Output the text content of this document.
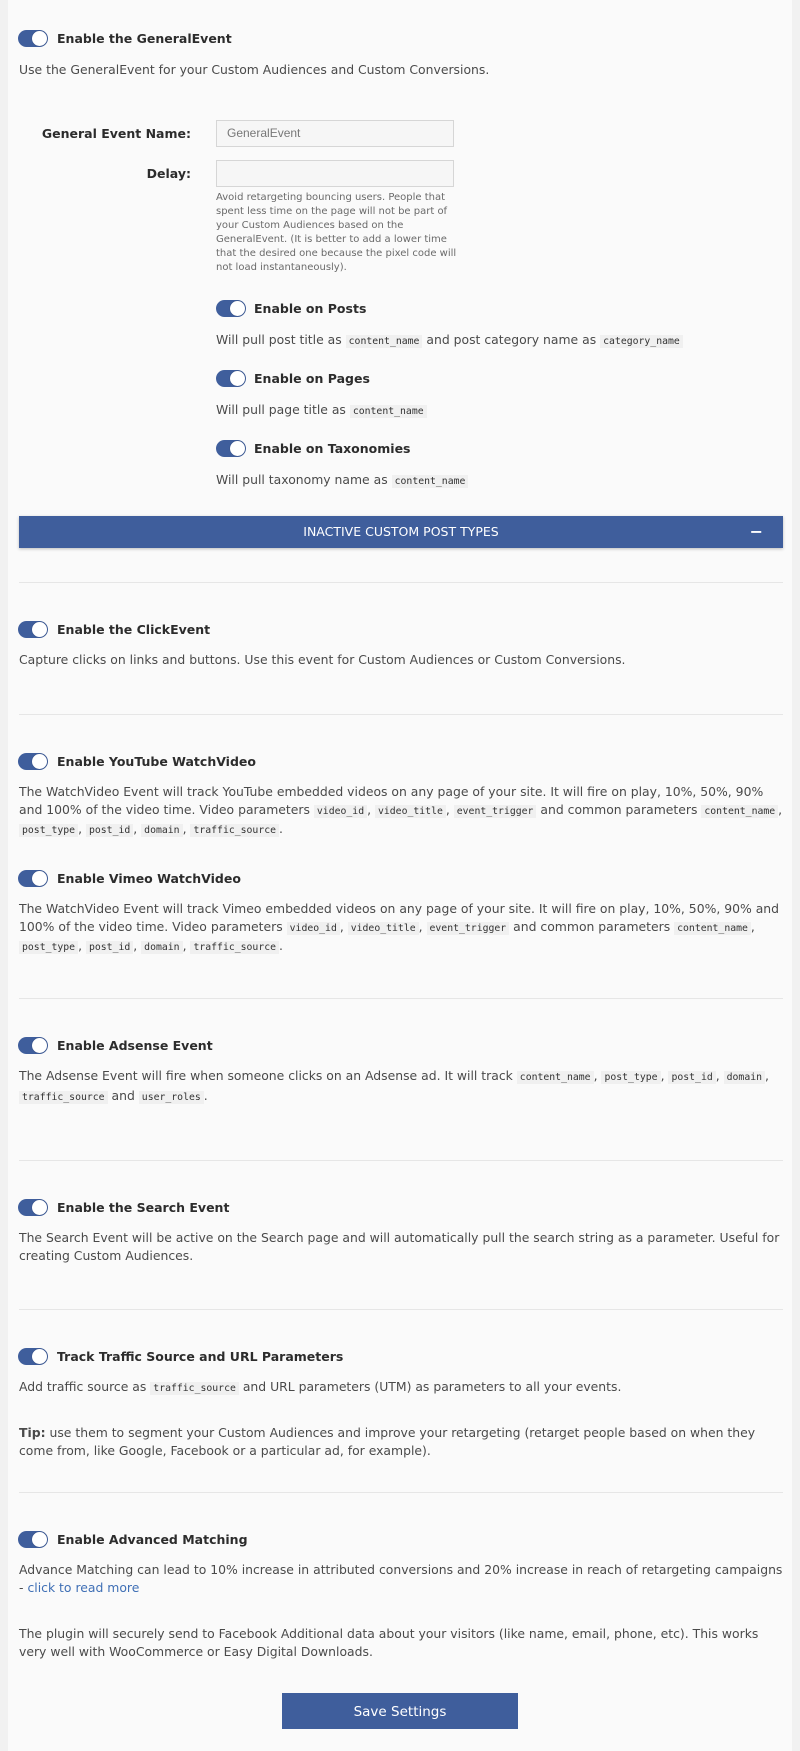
Enable the GeneralEvent
Use the GeneralEvent for your Custom Audiences and Custom Conversions.
General Event Name:	GeneralEvent
Delay:
Avoid retargeting bouncing users. People that spent less time on the page will not be part of your Custom Audiences based on the GeneralEvent. (It is better to add a lower time that the desired one because the pixel code will not load instantaneously).
Enable on Posts
Will pull post title as content_name and post category name as category_name
Enable on Pages
Will pull page title as content_name
Enable on Taxonomies
Will pull taxonomy name as content_name
INACTIVE CUSTOM POST TYPES	−
Enable the ClickEvent
Capture clicks on links and buttons. Use this event for Custom Audiences or Custom Conversions.
Enable YouTube WatchVideo
The WatchVideo Event will track YouTube embedded videos on any page of your site. It will fire on play, 10%, 50%, 90% and 100% of the video time. Video parameters video_id , video_title , event_trigger and common parameters content_name , post_type , post_id , domain , traffic_source .
Enable Vimeo WatchVideo
The WatchVideo Event will track Vimeo embedded videos on any page of your site. It will fire on play, 10%, 50%, 90% and 100% of the video time. Video parameters video_id , video_title , event_trigger and common parameters content_name , post_type , post_id , domain , traffic_source .
Enable Adsense Event
The Adsense Event will fire when someone clicks on an Adsense ad. It will track content_name , post_type , post_id , domain , traffic_source and user_roles .
Enable the Search Event
The Search Event will be active on the Search page and will automatically pull the search string as a parameter. Useful for creating Custom Audiences.
Track Traffic Source and URL Parameters
Add traffic source as traffic_source and URL parameters (UTM) as parameters to all your events.
Tip: use them to segment your Custom Audiences and improve your retargeting (retarget people based on when they come from, like Google, Facebook or a particular ad, for example).
Enable Advanced Matching
Advance Matching can lead to 10% increase in attributed conversions and 20% increase in reach of retargeting campaigns - click to read more
The plugin will securely send to Facebook Additional data about your visitors (like name, email, phone, etc). This works very well with WooCommerce or Easy Digital Downloads.
Save Settings
